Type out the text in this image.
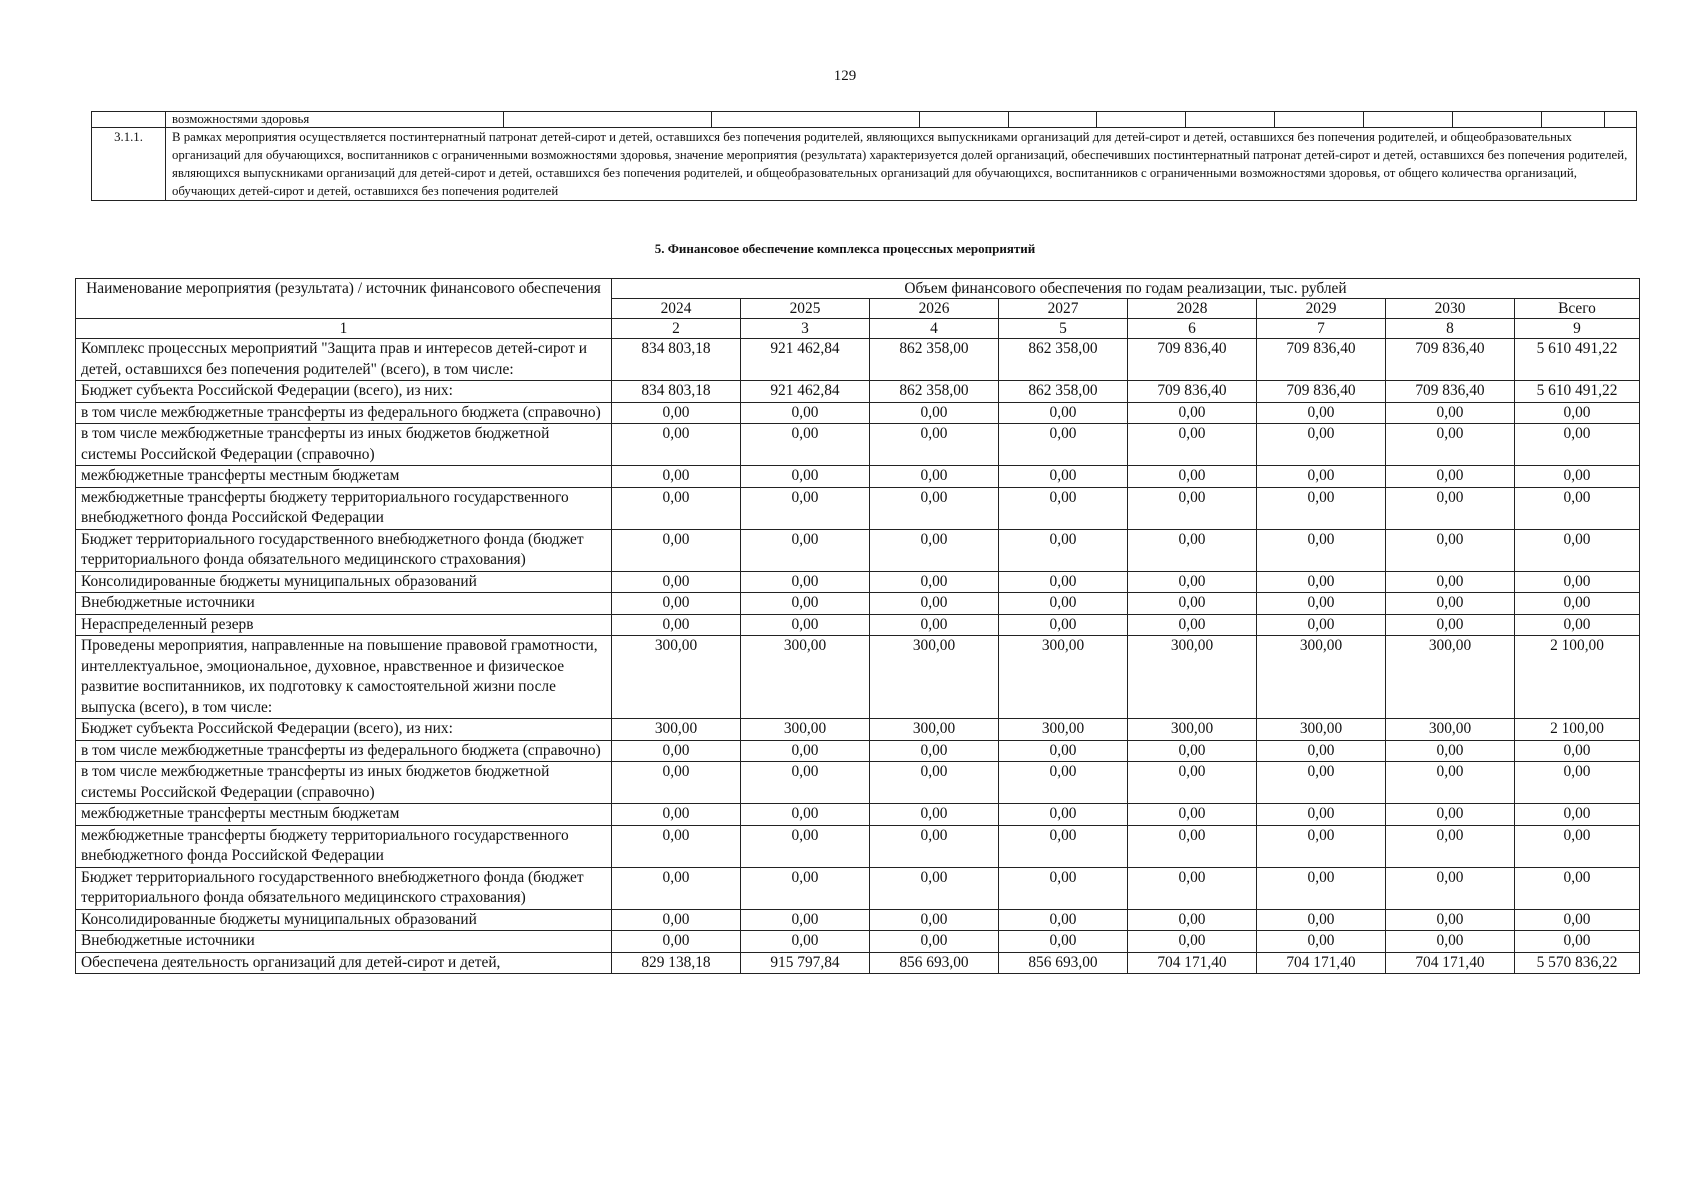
129

	возможностями здоровья

3.1.1.	В рамках мероприятия осуществляется постинтернатный патронат детей-сирот и детей, оставшихся без попечения родителей, являющихся выпускниками организаций для детей-сирот и детей, оставшихся без попечения родителей, и общеобразовательных организаций для обучающихся, воспитанников с ограниченными возможностями здоровья, значение мероприятия (результата) характеризуется долей организаций, обеспечивших постинтернатный патронат детей-сирот и детей, оставшихся без попечения родителей, являющихся выпускниками организаций для детей-сирот и детей, оставшихся без попечения родителей, и общеобразовательных организаций для обучающихся, воспитанников с ограниченными возможностями здоровья, от общего количества организаций, обучающих детей-сирот и детей, оставшихся без попечения родителей
5. Финансовое обеспечение комплекса процессных мероприятий
Наименование мероприятия (результата) / источник финансового обеспечения	Объем финансового обеспечения по годам реализации, тыс. рублей							
	2024	2025	2026	2027	2028	2029	2030	Всего
1	2	3	4	5	6	7	8	9
Комплекс процессных мероприятий "Защита прав и интересов детей-сирот и детей, оставшихся без попечения родителей" (всего), в том числе:	834 803,18	921 462,84	862 358,00	862 358,00	709 836,40	709 836,40	709 836,40	5 610 491,22
Бюджет субъекта Российской Федерации (всего), из них:	834 803,18	921 462,84	862 358,00	862 358,00	709 836,40	709 836,40	709 836,40	5 610 491,22
в том числе межбюджетные трансферты из федерального бюджета (справочно)	0,00	0,00	0,00	0,00	0,00	0,00	0,00	0,00
в том числе межбюджетные трансферты из иных бюджетов бюджетной системы Российской Федерации (справочно)	0,00	0,00	0,00	0,00	0,00	0,00	0,00	0,00
межбюджетные трансферты местным бюджетам	0,00	0,00	0,00	0,00	0,00	0,00	0,00	0,00
межбюджетные трансферты бюджету территориального государственного внебюджетного фонда Российской Федерации	0,00	0,00	0,00	0,00	0,00	0,00	0,00	0,00
Бюджет территориального государственного внебюджетного фонда (бюджет территориального фонда обязательного медицинского страхования)	0,00	0,00	0,00	0,00	0,00	0,00	0,00	0,00
Консолидированные бюджеты муниципальных образований	0,00	0,00	0,00	0,00	0,00	0,00	0,00	0,00
Внебюджетные источники	0,00	0,00	0,00	0,00	0,00	0,00	0,00	0,00
Нераспределенный резерв	0,00	0,00	0,00	0,00	0,00	0,00	0,00	0,00
Проведены мероприятия, направленные на повышение правовой грамотности, интеллектуальное, эмоциональное, духовное, нравственное и физическое развитие воспитанников, их подготовку к самостоятельной жизни после выпуска (всего), в том числе:	300,00	300,00	300,00	300,00	300,00	300,00	300,00	2 100,00
Бюджет субъекта Российской Федерации (всего), из них:	300,00	300,00	300,00	300,00	300,00	300,00	300,00	2 100,00
в том числе межбюджетные трансферты из федерального бюджета (справочно)	0,00	0,00	0,00	0,00	0,00	0,00	0,00	0,00
в том числе межбюджетные трансферты из иных бюджетов бюджетной системы Российской Федерации (справочно)	0,00	0,00	0,00	0,00	0,00	0,00	0,00	0,00
межбюджетные трансферты местным бюджетам	0,00	0,00	0,00	0,00	0,00	0,00	0,00	0,00
межбюджетные трансферты бюджету территориального государственного внебюджетного фонда Российской Федерации	0,00	0,00	0,00	0,00	0,00	0,00	0,00	0,00
Бюджет территориального государственного внебюджетного фонда (бюджет территориального фонда обязательного медицинского страхования)	0,00	0,00	0,00	0,00	0,00	0,00	0,00	0,00
Консолидированные бюджеты муниципальных образований	0,00	0,00	0,00	0,00	0,00	0,00	0,00	0,00
Внебюджетные источники	0,00	0,00	0,00	0,00	0,00	0,00	0,00	0,00
Обеспечена деятельность организаций для детей-сирот и детей,	829 138,18	915 797,84	856 693,00	856 693,00	704 171,40	704 171,40	704 171,40	5 570 836,22
